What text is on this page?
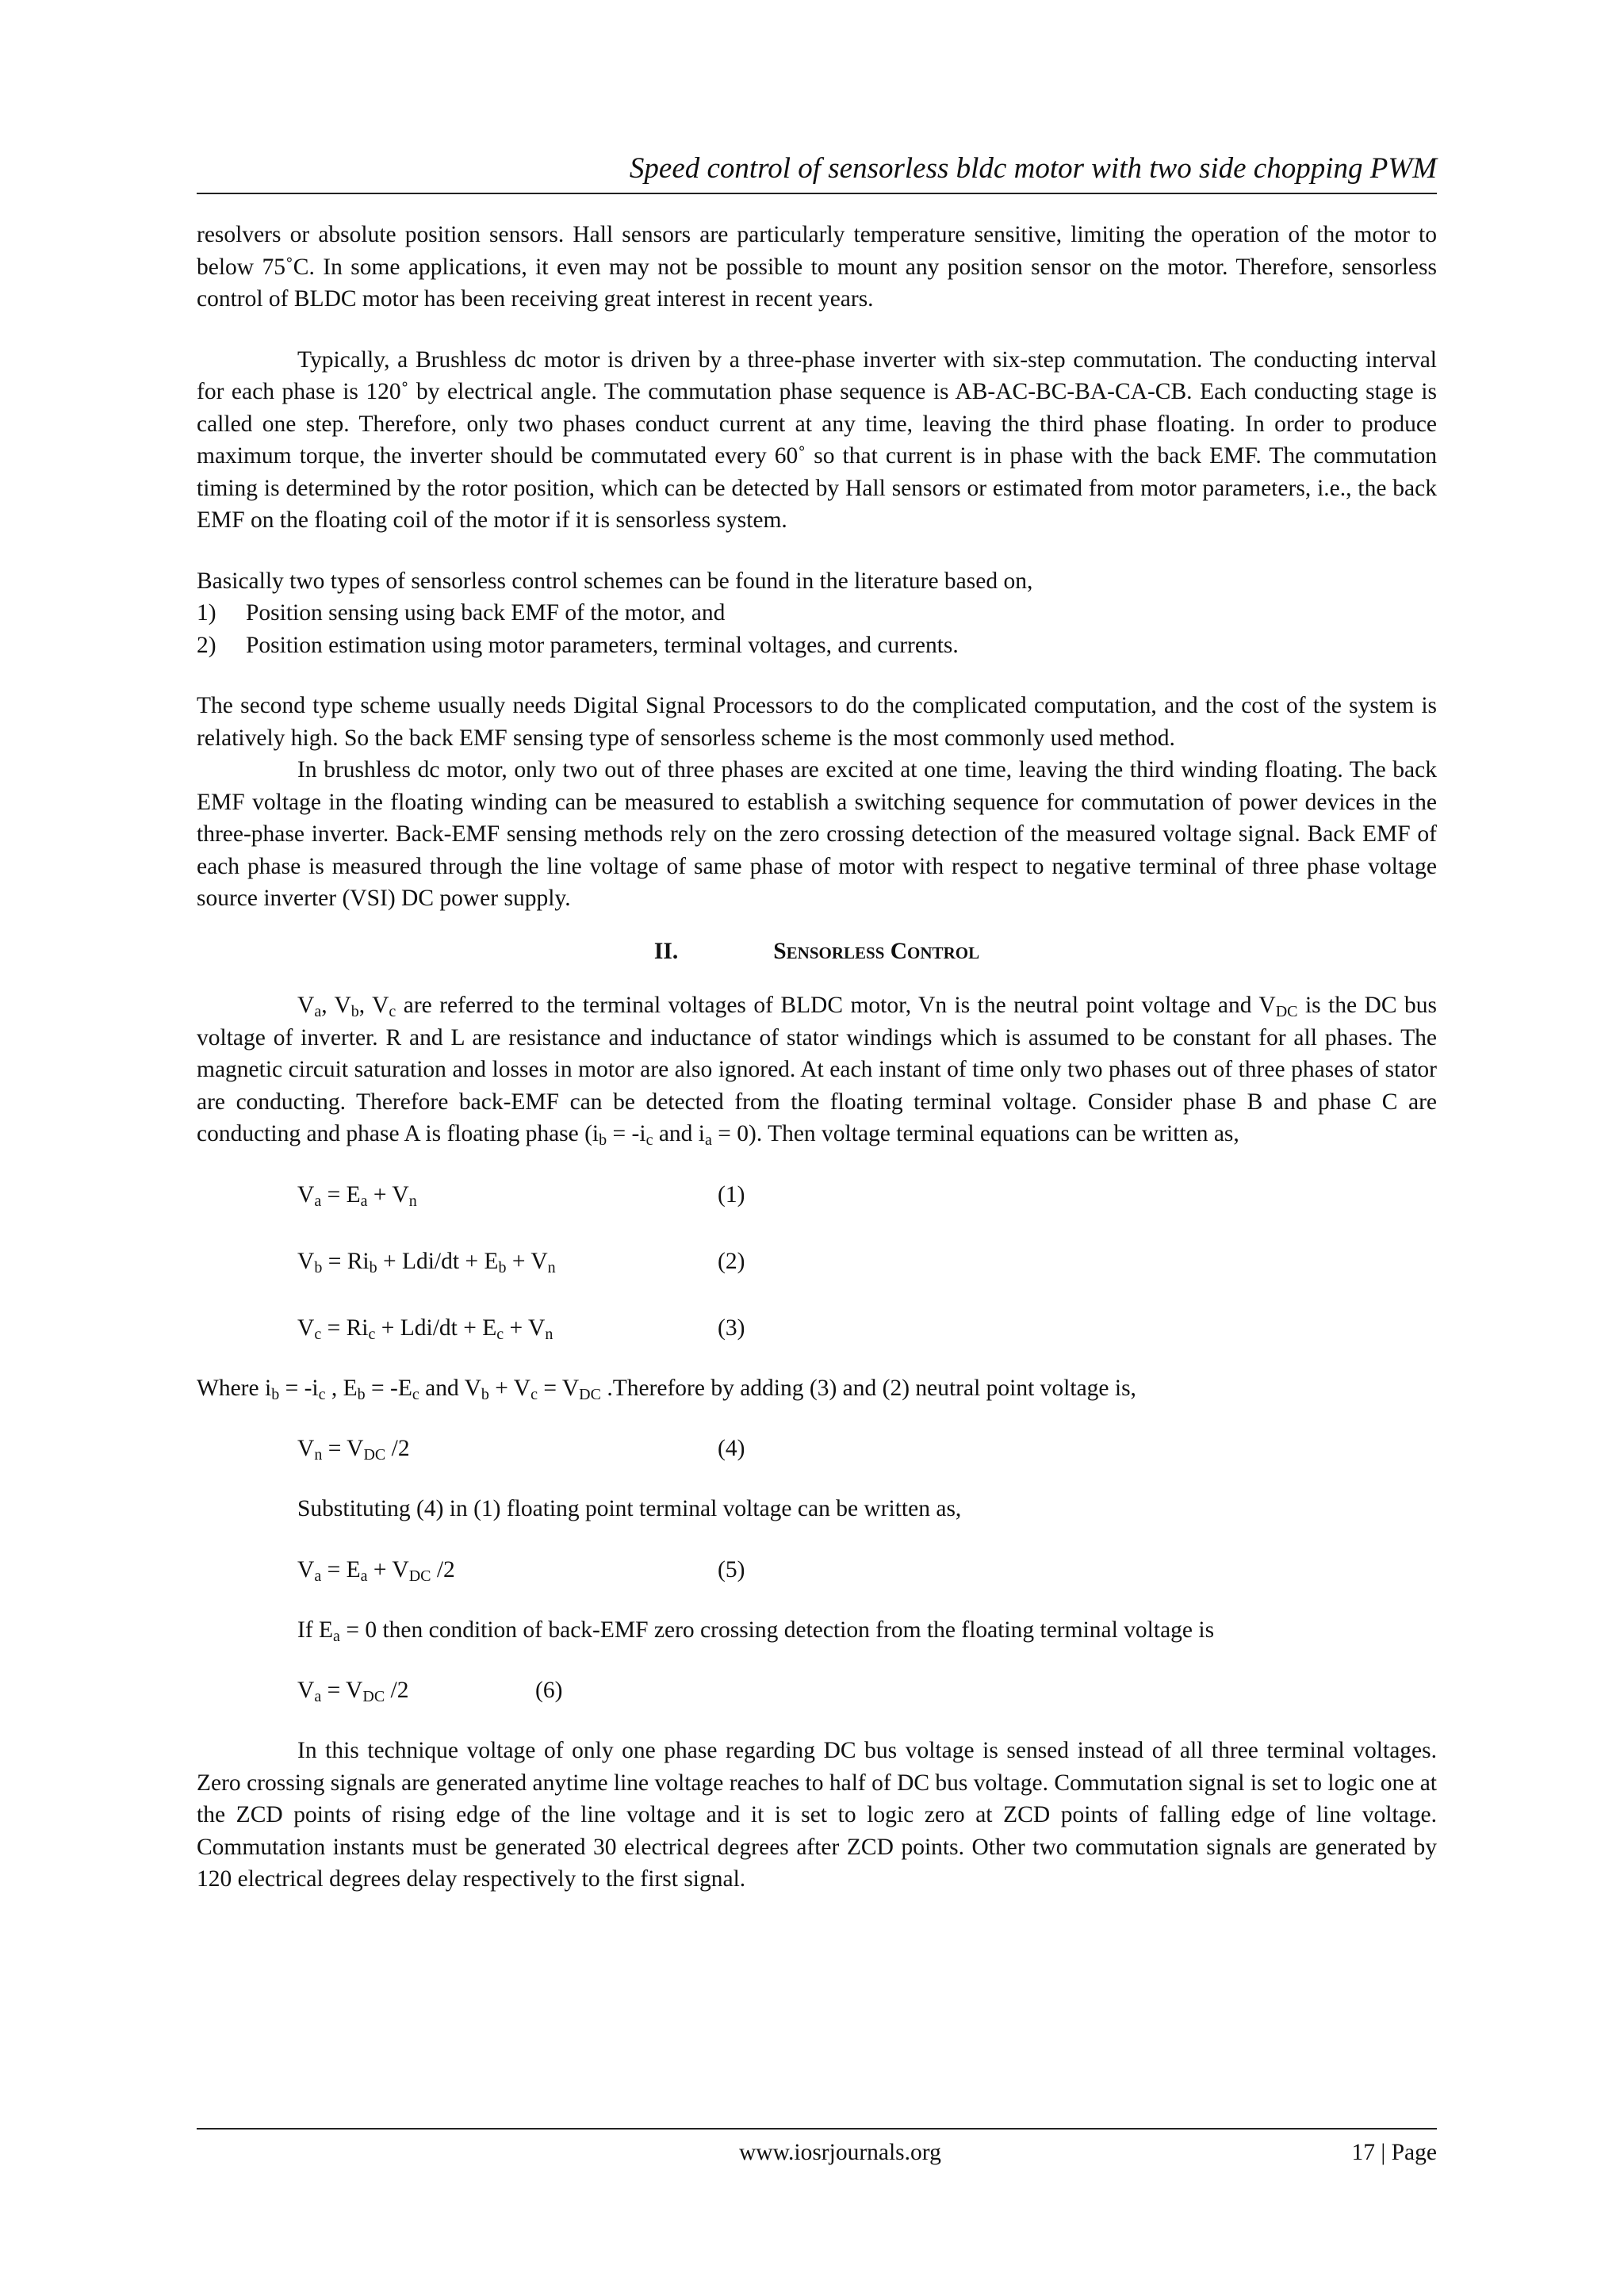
Speed control of sensorless bldc motor with two side chopping PWM

resolvers or absolute position sensors. Hall sensors are particularly temperature sensitive, limiting the operation of the motor to below 75˚C. In some applications, it even may not be possible to mount any position sensor on the motor. Therefore, sensorless control of BLDC motor has been receiving great interest in recent years.

Typically, a Brushless dc motor is driven by a three-phase inverter with six-step commutation. The conducting interval for each phase is 120˚ by electrical angle. The commutation phase sequence is AB-AC-BC-BA-CA-CB. Each conducting stage is called one step. Therefore, only two phases conduct current at any time, leaving the third phase floating. In order to produce maximum torque, the inverter should be commutated every 60˚ so that current is in phase with the back EMF. The commutation timing is determined by the rotor position, which can be detected by Hall sensors or estimated from motor parameters, i.e., the back EMF on the floating coil of the motor if it is sensorless system.

Basically two types of sensorless control schemes can be found in the literature based on,

1)	Position sensing using back EMF of the motor, and
2)	Position estimation using motor parameters, terminal voltages, and currents.

The second type scheme usually needs Digital Signal Processors to do the complicated computation, and the cost of the system is relatively high. So the back EMF sensing type of sensorless scheme is the most commonly used method.

In brushless dc motor, only two out of three phases are excited at one time, leaving the third winding floating. The back EMF voltage in the floating winding can be measured to establish a switching sequence for commutation of power devices in the three-phase inverter. Back-EMF sensing methods rely on the zero crossing detection of the measured voltage signal. Back EMF of each phase is measured through the line voltage of same phase of motor with respect to negative terminal of three phase voltage source inverter (VSI) DC power supply.

II.	Sensorless Control

$V_a$, $V_b$, $V_c$ are referred to the terminal voltages of BLDC motor, Vn is the neutral point voltage and $V_{DC}$ is the DC bus voltage of inverter. R and L are resistance and inductance of stator windings which is assumed to be constant for all phases. The magnetic circuit saturation and losses in motor are also ignored. At each instant of time only two phases out of three phases of stator are conducting. Therefore back-EMF can be detected from the floating terminal voltage. Consider phase B and phase C are conducting and phase A is floating phase ($i_b = -i_c$ and $i_a = 0$). Then voltage terminal equations can be written as,

$V_a = E_a + V_n$	(1)
$V_b = Ri_b + Ldi/dt + E_b + V_n$	(2)
$V_c = Ri_c + Ldi/dt + E_c + V_n$	(3)

Where $i_b = -i_c$ , $E_b = -E_c$ and $V_b + V_c = V_{DC}$ .Therefore by adding (3) and (2) neutral point voltage is,

$V_n = V_{DC}$ /2	(4)

Substituting (4) in (1) floating point terminal voltage can be written as,

$V_a = E_a + V_{DC}$ /2	(5)

If $E_a = 0$ then condition of back-EMF zero crossing detection from the floating terminal voltage is

$V_a = V_{DC}$ /2	(6)

In this technique voltage of only one phase regarding DC bus voltage is sensed instead of all three terminal voltages. Zero crossing signals are generated anytime line voltage reaches to half of DC bus voltage. Commutation signal is set to logic one at the ZCD points of rising edge of the line voltage and it is set to logic zero at ZCD points of falling edge of line voltage. Commutation instants must be generated 30 electrical degrees after ZCD points. Other two commutation signals are generated by 120 electrical degrees delay respectively to the first signal.

www.iosrjournals.org	17 | Page
